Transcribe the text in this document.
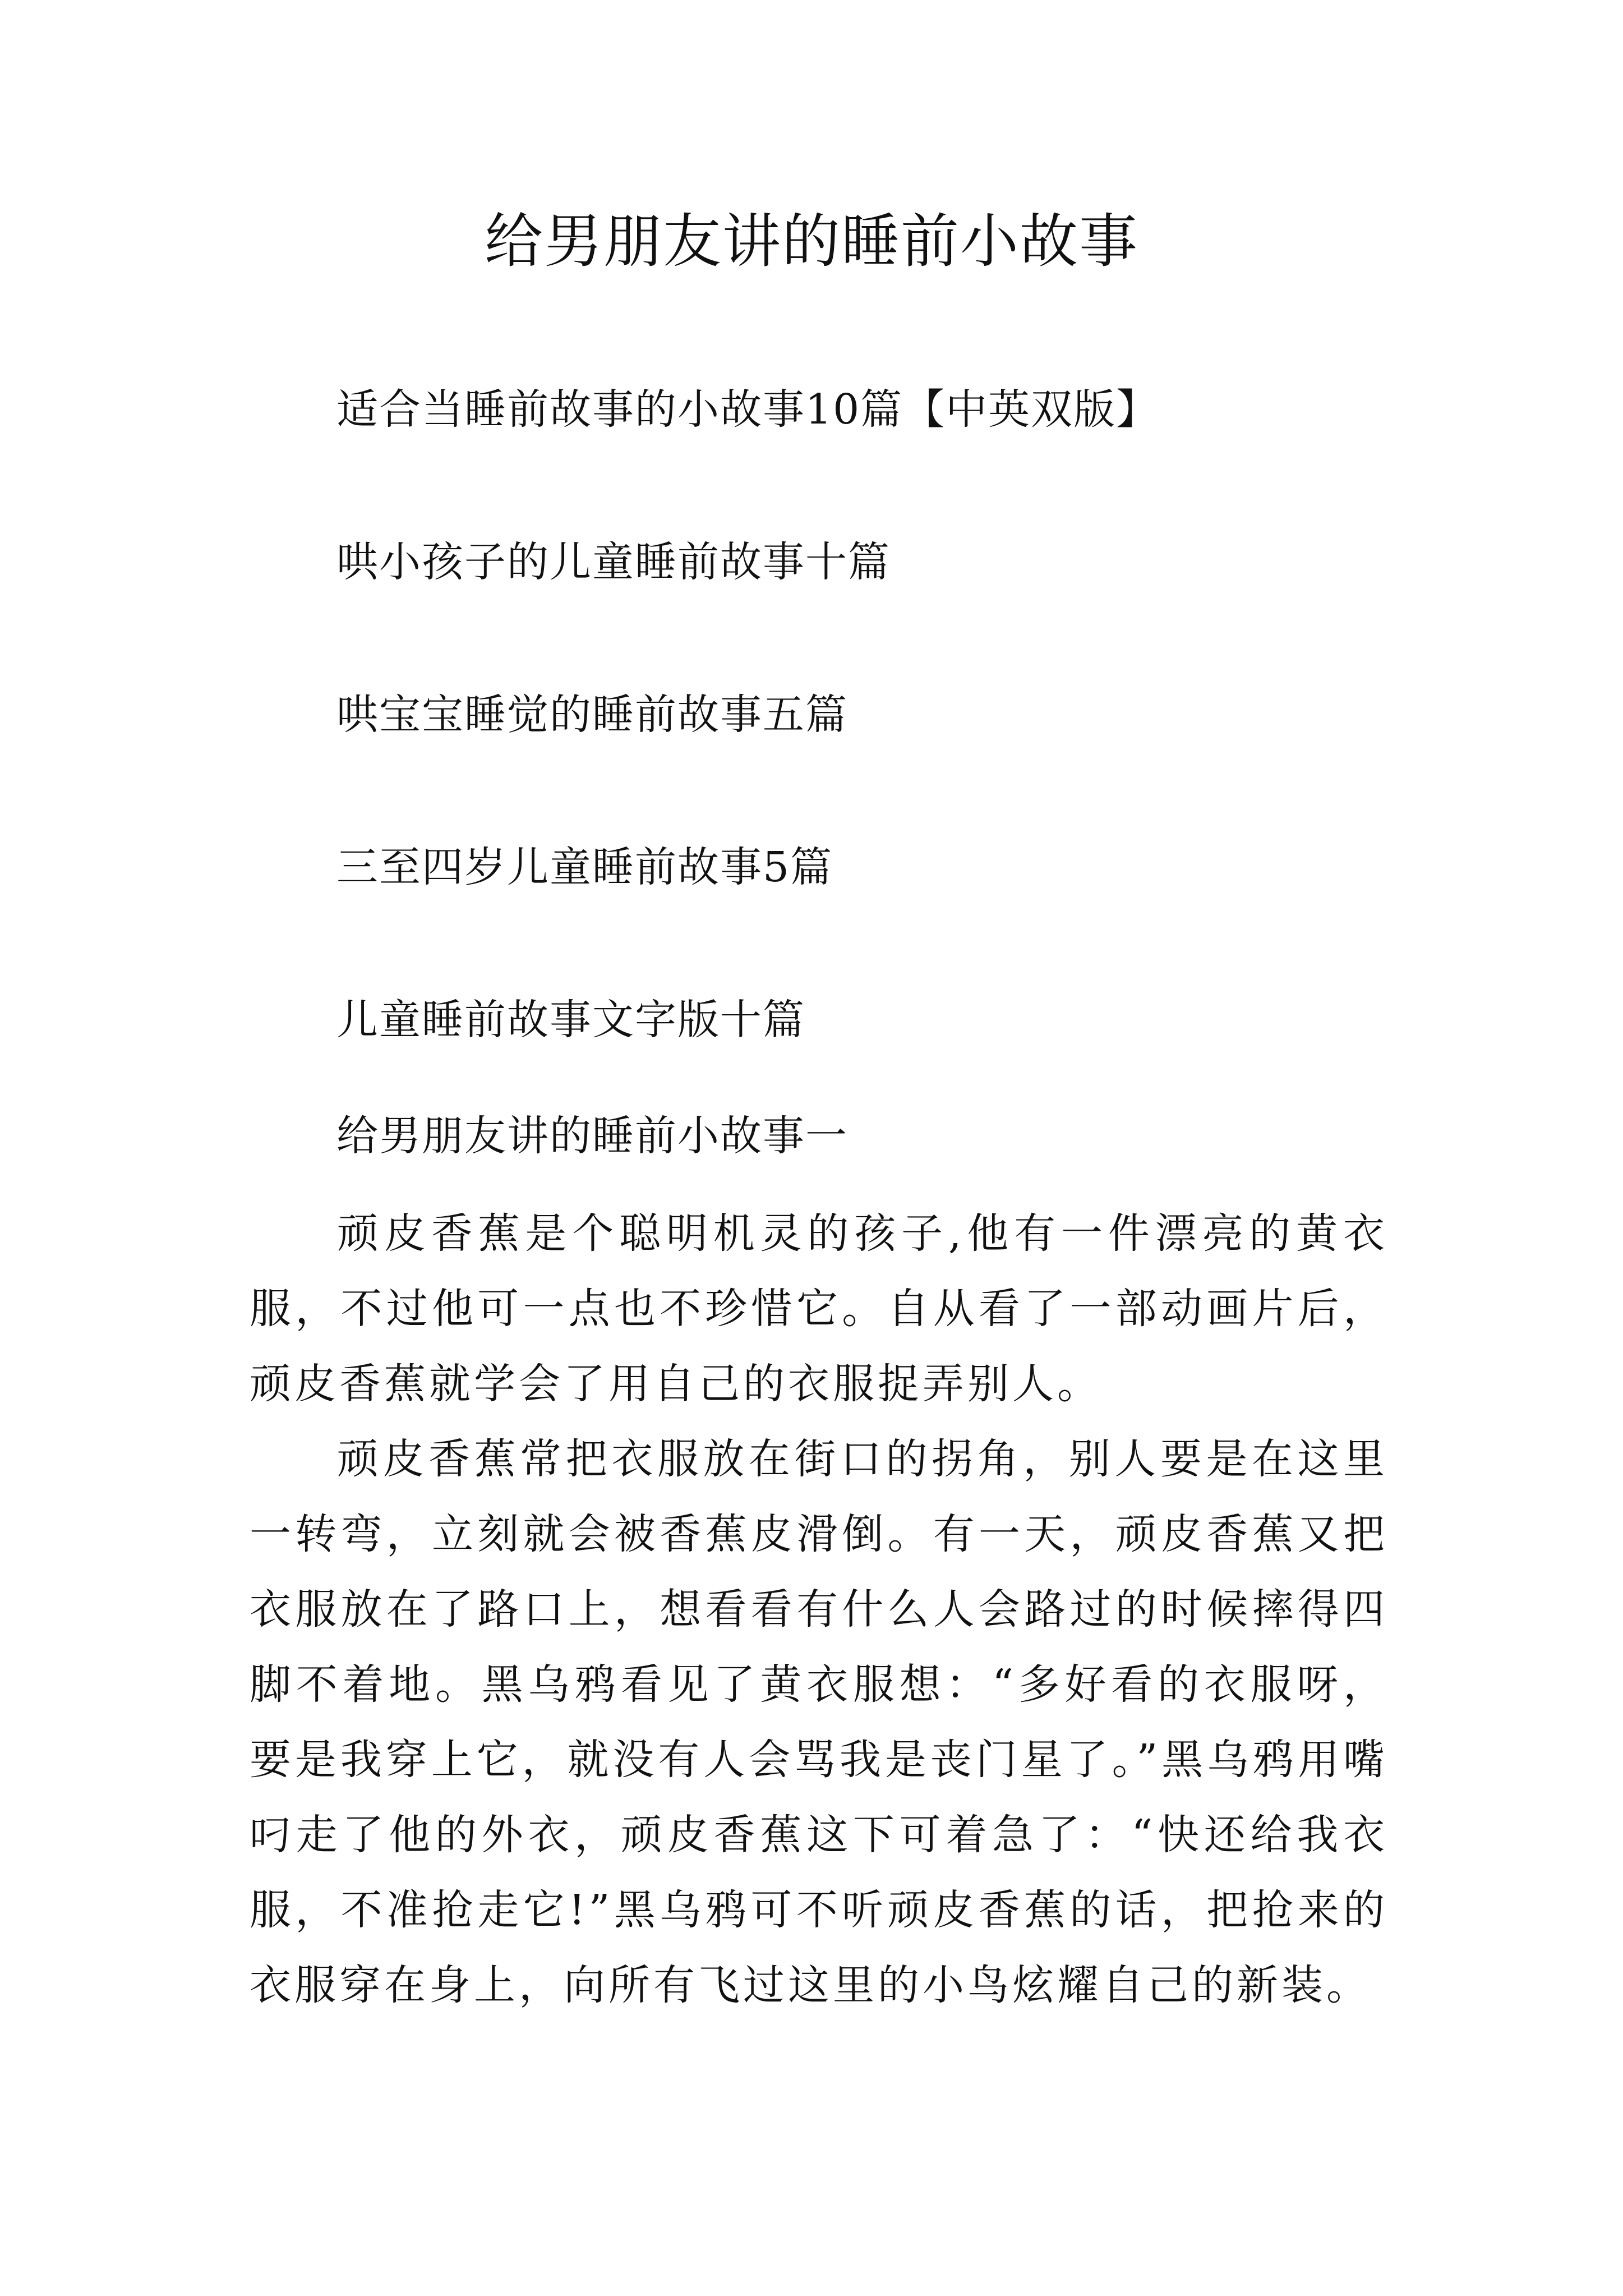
给男朋友讲的睡前小故事
适合当睡前故事的小故事10篇【中英双版】
哄小孩子的儿童睡前故事十篇
哄宝宝睡觉的睡前故事五篇
三至四岁儿童睡前故事5篇
儿童睡前故事文字版十篇
给男朋友讲的睡前小故事一

顽皮香蕉是个聪明机灵的孩子,他有一件漂亮的黄衣服，不过他可一点也不珍惜它。自从看了一部动画片后，顽皮香蕉就学会了用自己的衣服捉弄别人。

顽皮香蕉常把衣服放在街口的拐角，别人要是在这里一转弯，立刻就会被香蕉皮滑倒。有一天，顽皮香蕉又把衣服放在了路口上，想看看有什么人会路过的时候摔得四脚不着地。黑乌鸦看见了黄衣服想：“多好看的衣服呀，要是我穿上它，就没有人会骂我是丧门星了。”黑乌鸦用嘴叼走了他的外衣，顽皮香蕉这下可着急了：“快还给我衣服，不准抢走它!”黑乌鸦可不听顽皮香蕉的话，把抢来的衣服穿在身上，向所有飞过这里的小鸟炫耀自己的新装。
